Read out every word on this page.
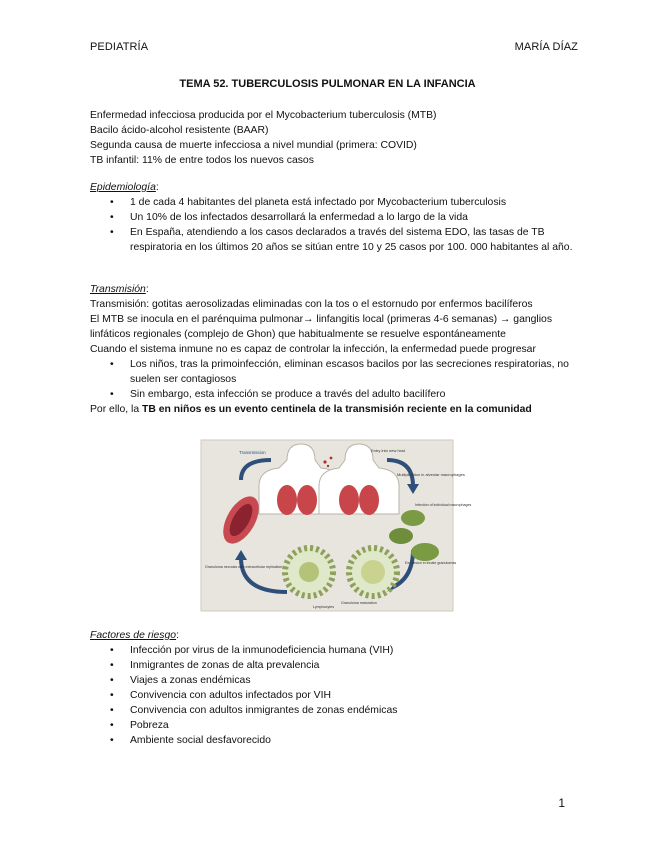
PEDIATRÍA	MARÍA DÍAZ
TEMA 52. TUBERCULOSIS PULMONAR EN LA INFANCIA
Enfermedad infecciosa producida por el Mycobacterium tuberculosis (MTB)
Bacilo ácido-alcohol resistente (BAAR)
Segunda causa de muerte infecciosa a nivel mundial (primera: COVID)
TB infantil: 11% de entre todos los nuevos casos
Epidemiología:
• 1 de cada 4 habitantes del planeta está infectado por Mycobacterium tuberculosis
• Un 10% de los infectados desarrollará la enfermedad a lo largo de la vida
• En España, atendiendo a los casos declarados a través del sistema EDO, las tasas de TB respiratoria en los últimos 20 años se sitúan entre 10 y 25 casos por 100. 000 habitantes al año.
Transmisión:
Transmisión: gotitas aerosolizadas eliminadas con la tos o el estornudo por enfermos bacilíferos
El MTB se inocula en el parénquima pulmonar→ linfangitis local (primeras 4-6 semanas) → ganglios linfáticos regionales (complejo de Ghon) que habitualmente se resuelve espontáneamente
Cuando el sistema inmune no es capaz de controlar la infección, la enfermedad puede progresar
• Los niños, tras la primoinfección, eliminan escasos bacilos por las secreciones respiratorias, no suelen ser contagiosos
• Sin embargo, esta infección se produce a través del adulto bacilífero
Por ello, la TB en niños es un evento centinela de la transmisión reciente en la comunidad
Transmission	Entry into new host
Multiplication in alveolar macrophages
Infection of individual macrophages
Expansion in innate granulomas
Granuloma maturation
Granuloma necrosis with extracellular replication
Lymphocytes
Factores de riesgo:
• Infección por virus de la inmunodeficiencia humana (VIH)
• Inmigrantes de zonas de alta prevalencia
• Viajes a zonas endémicas
• Convivencia con adultos infectados por VIH
• Convivencia con adultos inmigrantes de zonas endémicas
• Pobreza
• Ambiente social desfavorecido
1
